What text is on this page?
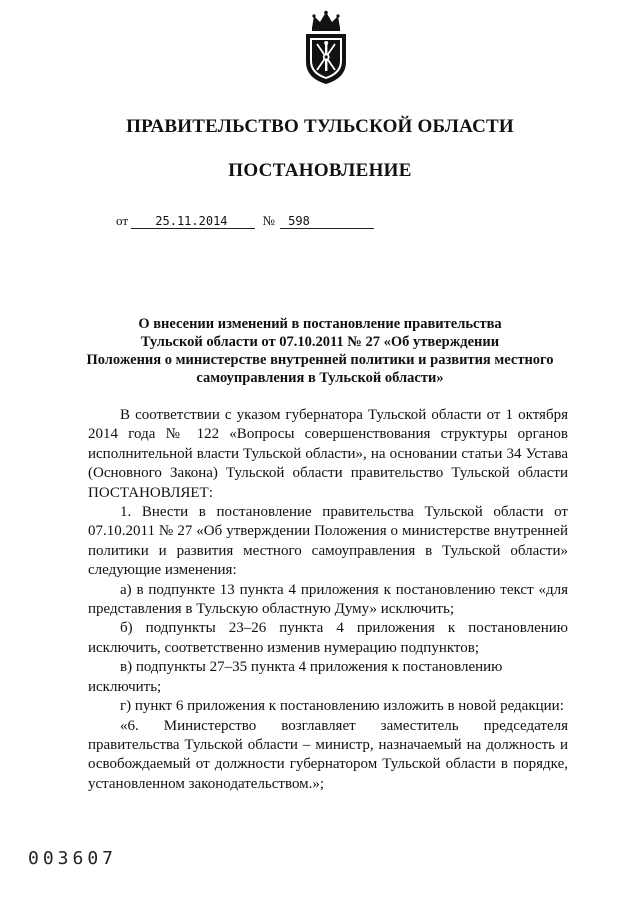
ПРАВИТЕЛЬСТВО ТУЛЬСКОЙ ОБЛАСТИ
ПОСТАНОВЛЕНИЕ
от 25.11.2014	№ 598
О внесении изменений в постановление правительства
Тульской области от 07.10.2011 № 27 «Об утверждении
Положения о министерстве внутренней политики и развития местного
самоуправления в Тульской области»

В соответствии с указом губернатора Тульской области от 1 октября 2014 года № 122 «Вопросы совершенствования структуры органов исполнительной власти Тульской области», на основании статьи 34 Устава (Основного Закона) Тульской области правительство Тульской области ПОСТАНОВЛЯЕТ:

1. Внести в постановление правительства Тульской области от 07.10.2011 № 27 «Об утверждении Положения о министерстве внутренней политики и развития местного самоуправления в Тульской области» следующие изменения:

а) в подпункте 13 пункта 4 приложения к постановлению текст «для представления в Тульскую областную Думу» исключить;

б) подпункты 23–26 пункта 4 приложения к постановлению исключить, соответственно изменив нумерацию подпунктов;

в) подпункты 27–35 пункта 4 приложения к постановлению исключить;

г) пункт 6 приложения к постановлению изложить в новой редакции:

«6. Министерство возглавляет заместитель председателя правительства Тульской области – министр, назначаемый на должность и освобождаемый от должности губернатором Тульской области в порядке, установленном законодательством.»;

003607
